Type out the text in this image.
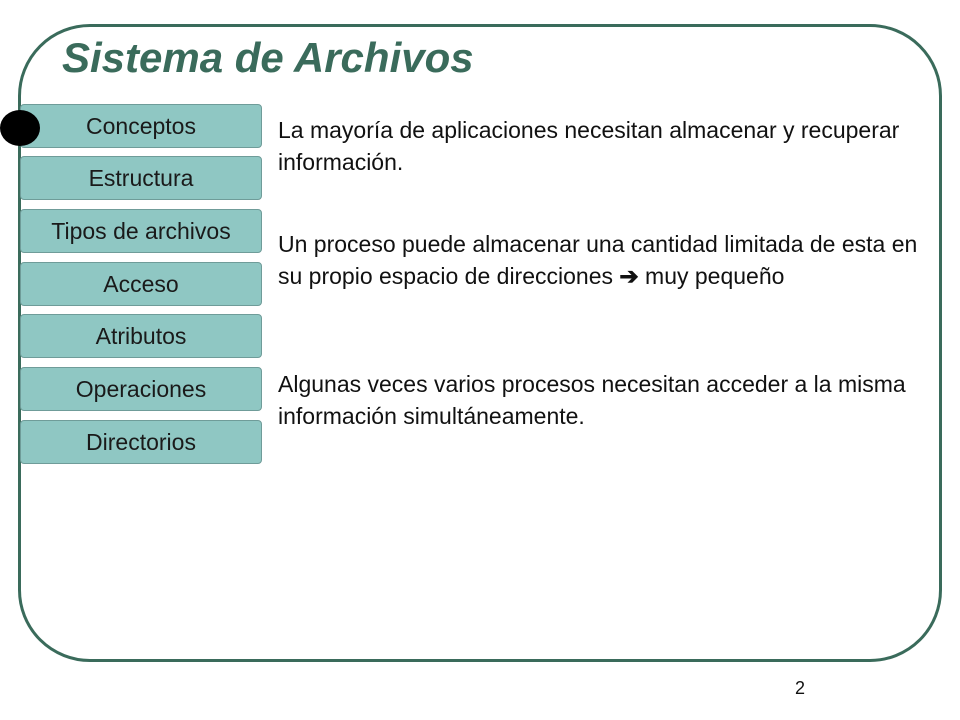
Sistema de Archivos
Conceptos
Estructura
Tipos de archivos
Acceso
Atributos
Operaciones
Directorios

La mayoría de aplicaciones necesitan almacenar y recuperar información.

Un proceso puede almacenar una cantidad limitada de esta en su propio espacio de direcciones ➔ muy pequeño

Algunas veces varios procesos necesitan acceder a la misma información simultáneamente.

2
